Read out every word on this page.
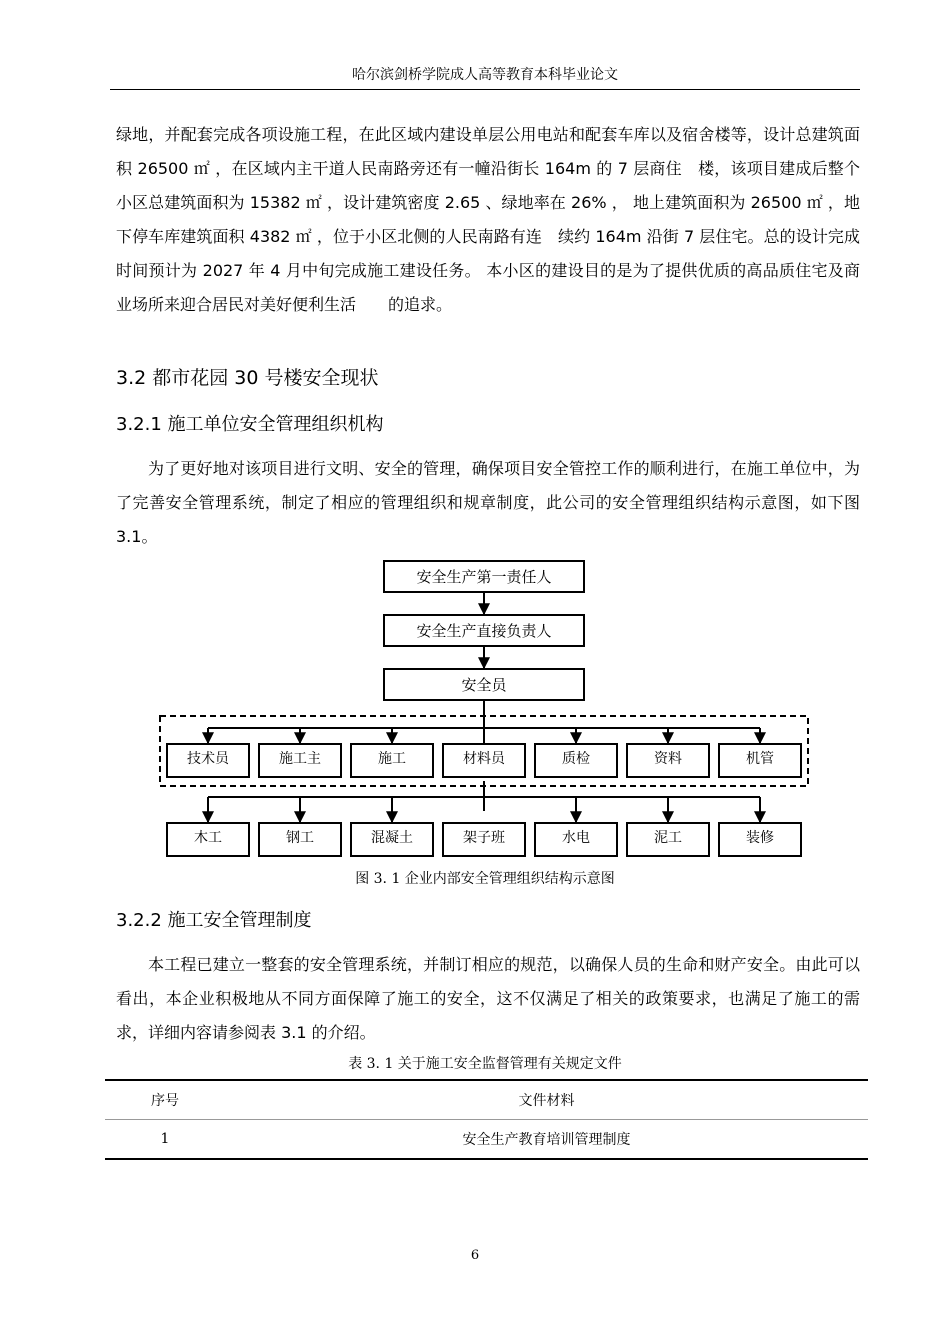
哈尔滨剑桥学院成人高等教育本科毕业论文

绿地，并配套完成各项设施工程，在此区域内建设单层公用电站和配套车库以及宿舍楼等，设计总建筑面积 26500 ㎡ ，在区域内主干道人民南路旁还有一幢沿街长 164m 的 7 层商住　楼，该项目建成后整个小区总建筑面积为 15382 ㎡ ，设计建筑密度 2.65 、绿地率在 26% ， 地上建筑面积为 26500 ㎡ ，地下停车库建筑面积 4382 ㎡ ，位于小区北侧的人民南路有连　续约 164m 沿街 7 层住宅。总的设计完成时间预计为 2027 年 4 月中旬完成施工建设任务。 本小区的建设目的是为了提供优质的高品质住宅及商业场所来迎合居民对美好便利生活　　的追求。

3.2 都市花园 30 号楼安全现状
3.2.1 施工单位安全管理组织机构

为了更好地对该项目进行文明、安全的管理，确保项目安全管控工作的顺利进行，在施工单位中，为了完善安全管理系统，制定了相应的管理组织和规章制度，此公司的安全管理组织结构示意图，如下图 3.1。

安全生产第一责任人
安全生产直接负责人
安全员
技术员	施工主	施工	材料员	质检	资料	机管
木工	钢工	混凝土	架子班	水电	泥工	装修
图 3. 1 企业内部安全管理组织结构示意图
3.2.2 施工安全管理制度

本工程已建立一整套的安全管理系统，并制订相应的规范，以确保人员的生命和财产安全。由此可以看出，本企业积极地从不同方面保障了施工的安全，这不仅满足了相关的政策要求，也满足了施工的需求，详细内容请参阅表 3.1 的介绍。

表 3. 1 关于施工安全监督管理有关规定文件
序号	文件材料
1	安全生产教育培训管理制度
6
